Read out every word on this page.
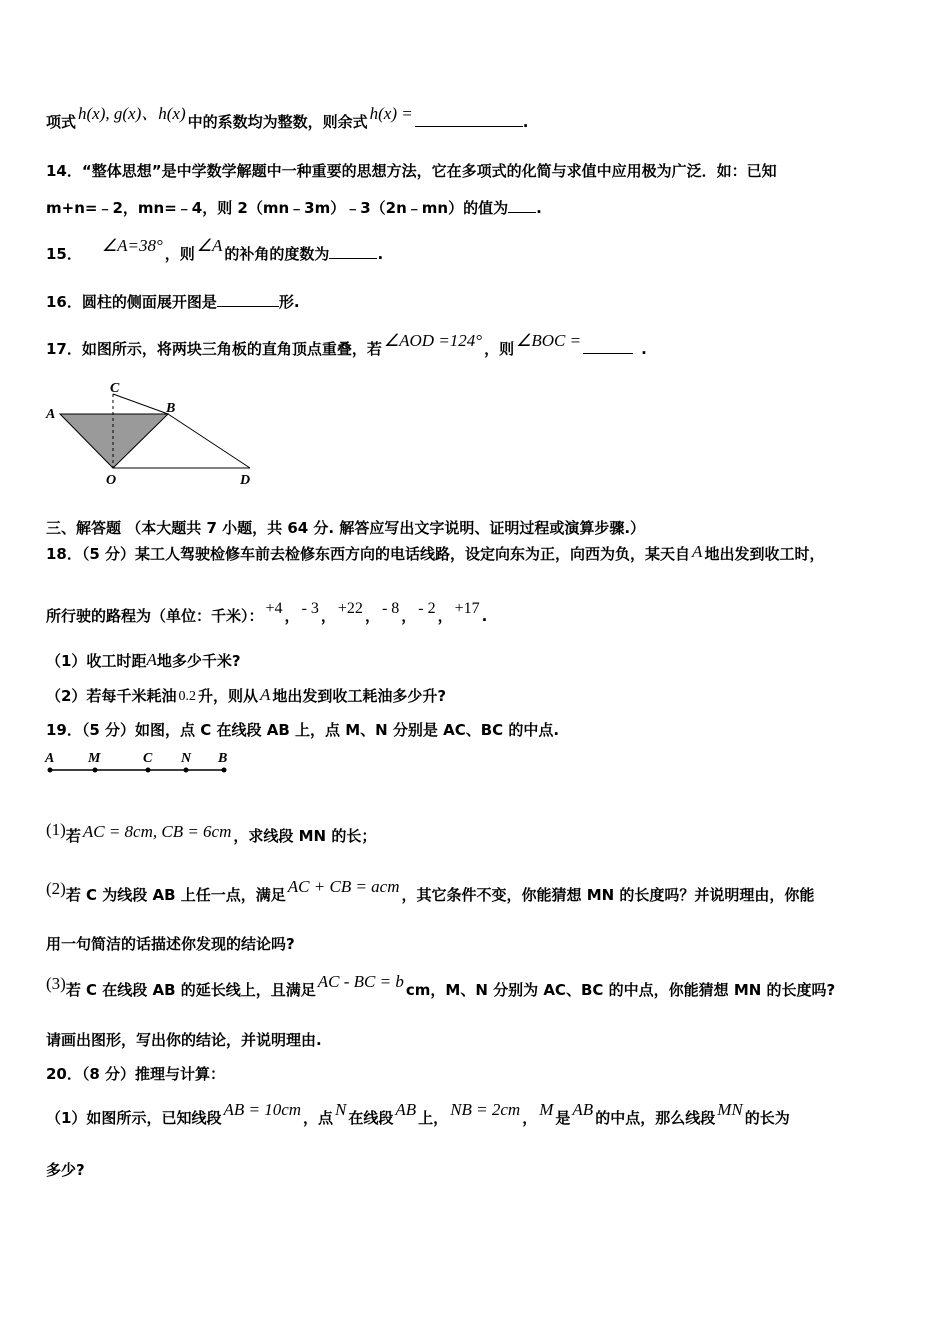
项式 h(x), g(x)、h(x) 中的系数均为整数，则余式 h(x) =	.
14．“整体思想”是中学数学解题中一种重要的思想方法，它在多项式的化简与求值中应用极为广泛．如：已知
m+n=﹣2，mn=﹣4，则 2（mn﹣3m）﹣3（2n﹣mn）的值为 .
15． ∠A=38° ，则 ∠A 的补角的度数为	.
16．圆柱的侧面展开图是	形.
17．如图所示，将两块三角板的直角顶点重叠，若 ∠AOD =124° ，则 ∠BOC =	.
A	B
C
O	D
三、解答题 （本大题共 7 小题，共 64 分. 解答应写出文字说明、证明过程或演算步骤.）
18．（5 分）某工人驾驶检修车前去检修东西方向的电话线路，设定向东为正，向西为负，某天自 A 地出发到收工时，
所行驶的路程为（单位：千米）： +4 ， - 3 ， +22 ， - 8 ， - 2 ， +17 .
（1）收工时距A地多少千米?
（2）若每千米耗油 0.2 升，则从 A 地出发到收工耗油多少升?
19．（5 分）如图，点 C 在线段 AB 上，点 M、N 分别是 AC、BC 的中点.
A M	C N B
(1)若 AC = 8cm, CB = 6cm ，求线段 MN 的长；
(2)若 C 为线段 AB 上任一点，满足 AC + CB = acm ，其它条件不变，你能猜想 MN 的长度吗？并说明理由，你能
用一句简洁的话描述你发现的结论吗?
(3)若 C 在线段 AB 的延长线上，且满足 AC - BC = b cm，M、N 分别为 AC、BC 的中点，你能猜想 MN 的长度吗?
请画出图形，写出你的结论，并说明理由.
20．（8 分）推理与计算：
（1）如图所示，已知线段 AB = 10cm ，点 N 在线段 AB 上， NB = 2cm ， M 是 AB 的中点，那么线段 MN 的长为
多少?
